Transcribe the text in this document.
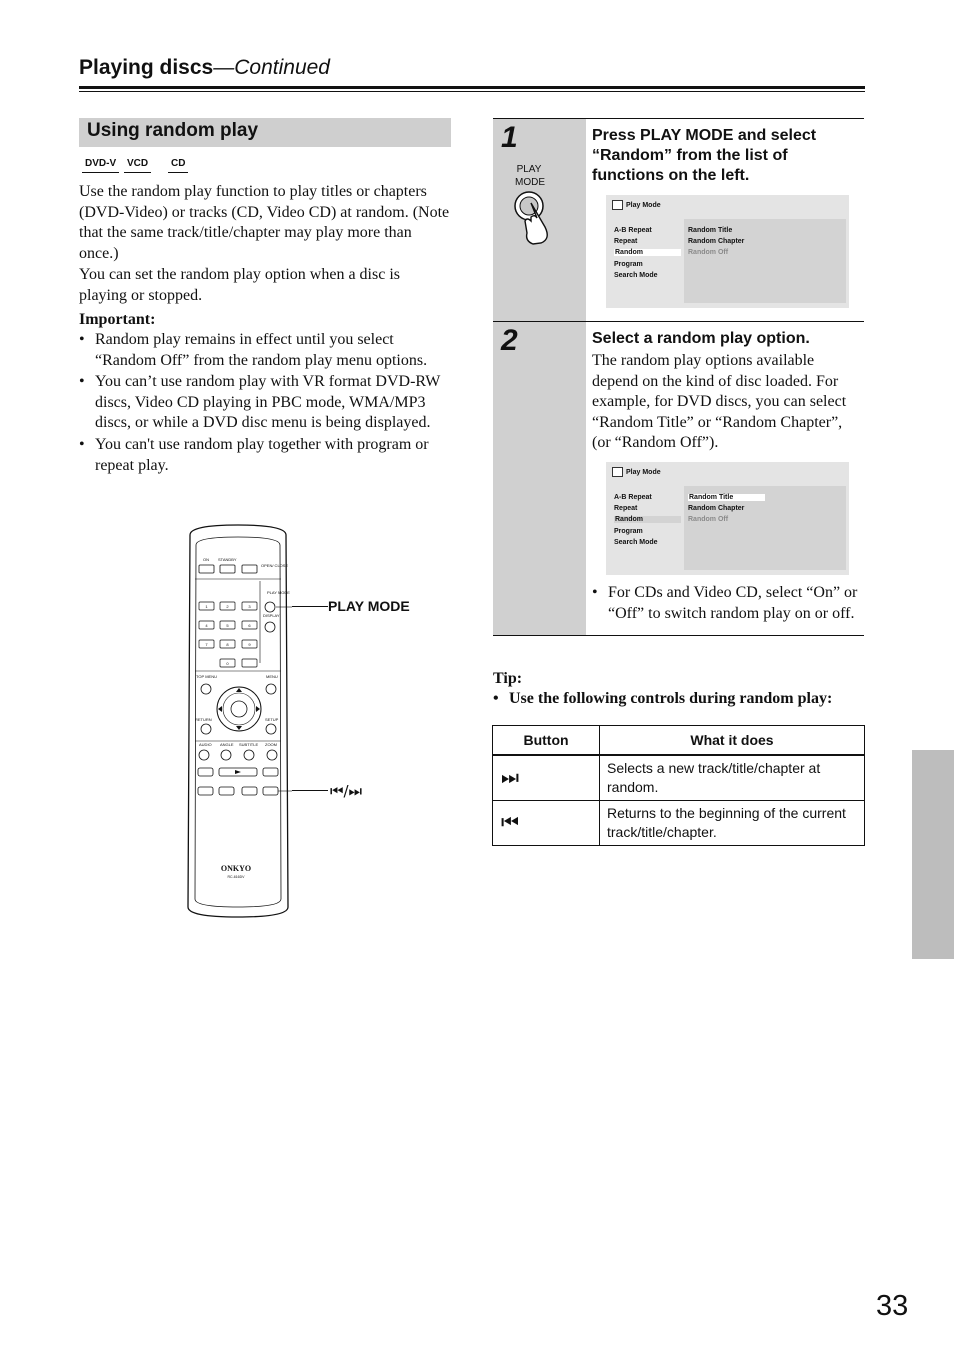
Playing discs—Continued
Using random play
DVD-V	VCD	CD
Use the random play function to play titles or chapters (DVD-Video) or tracks (CD, Video CD) at random. (Note that the same track/title/chapter may play more than once.)
You can set the random play option when a disc is playing or stopped.
Important:
• Random play remains in effect until you select “Random Off” from the random play menu options.
• You can’t use random play with VR format DVD-RW discs, Video CD playing in PBC mode, WMA/MP3 discs, or while a DVD disc menu is being displayed.
• You can't use random play together with program or repeat play.
ON STANDBY
OPEN/ CLOSE
PLAY MODE
DISPLAY
TOP MENU	MENU
RETURN	SETUP
AUDIO ANGLE SUBTITLE ZOOM
1	2	3
4	5	6
7	8	9
0
ONKYO
RC-616DV
PLAY MODE
⏮/⏭
1
PLAY MODE
Press PLAY MODE and select “Random” from the list of functions on the left.
Play Mode
A-B Repeat
Repeat
Random
Program
Search Mode
Random Title
Random Chapter
Random Off
2	Select a random play option.
The random play options available depend on the kind of disc loaded. For example, for DVD discs, you can select “Random Title” or “Random Chapter”, (or “Random Off”).
Play Mode
A-B Repeat
Repeat
Random
Program
Search Mode
Random Title
Random Chapter
Random Off
• For CDs and Video CD, select “On” or “Off” to switch random play on or off.
Tip:
• Use the following controls during random play:
Button	What it does
⏭	Selects a new track/title/chapter at random.
⏮	Returns to the beginning of the current track/title/chapter.
33
